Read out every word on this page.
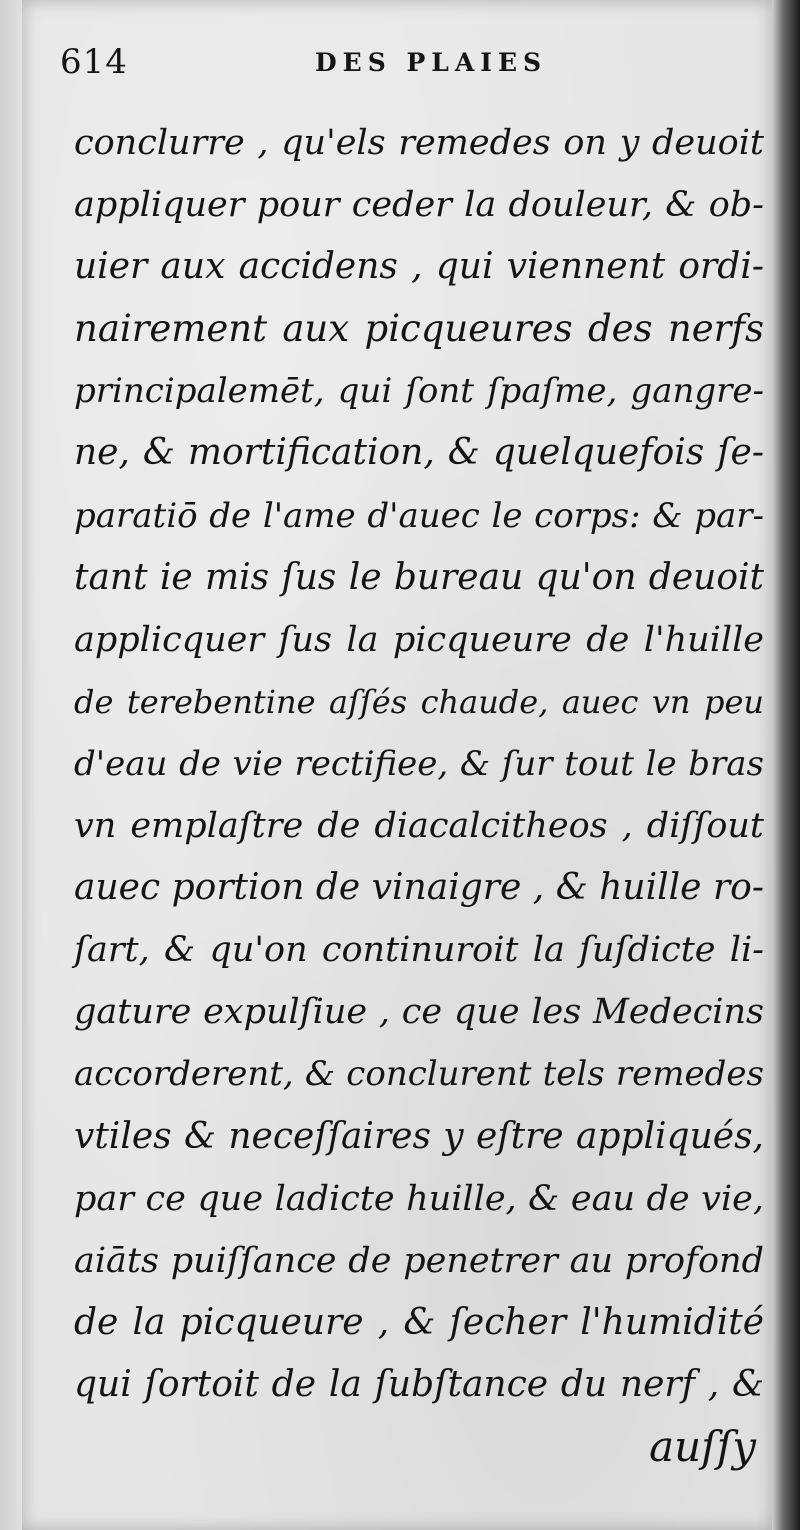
614	DES PLAIES
conclurre , qu'els remedes on y deuoit
appliquer pour ceder la douleur, & ob-
uier aux accidens , qui viennent ordi-
nairement aux picqueures des nerfs
principalemēt, qui ſont ſpaſme, gangre-
ne, & mortification, & quelquefois ſe-
paratiō de l'ame d'auec le corps: & par-
tant ie mis ſus le bureau qu'on deuoit
applicquer ſus la picqueure de l'huille
de terebentine aſſés chaude, auec vn peu
d'eau de vie rectifiee, & ſur tout le bras
vn emplaſtre de diacalcitheos , diſſout
auec portion de vinaigre , & huille ro-
ſart, & qu'on continuroit la ſuſdicte li-
gature expulſiue , ce que les Medecins
accorderent, & conclurent tels remedes
vtiles & neceſſaires y eſtre appliqués,
par ce que ladicte huille, & eau de vie,
aiāts puiſſance de penetrer au profond
de la picqueure , & ſecher l'humidité
qui ſortoit de la ſubſtance du nerf , &
auſſy
